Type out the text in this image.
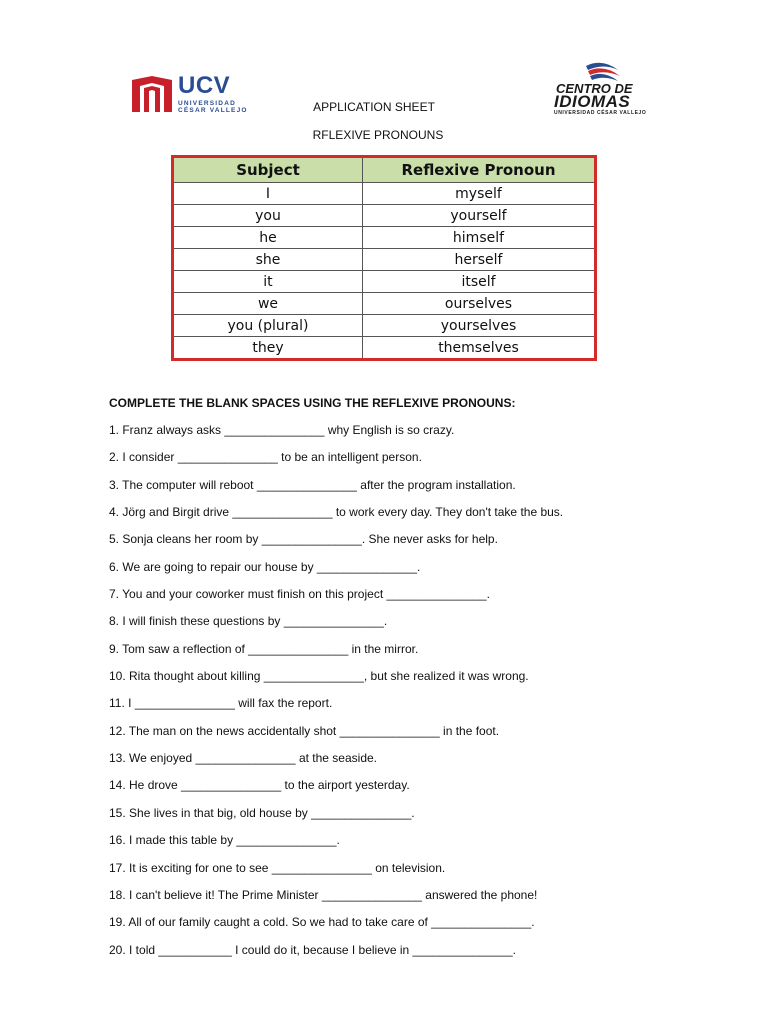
UCV
UNIVERSIDAD
CÉSAR VALLEJO
CENTRO DE
IDIOMAS
UNIVERSIDAD CÉSAR VALLEJO
APPLICATION SHEET
RFLEXIVE PRONOUNS
Subject	Reflexive Pronoun
I	myself
you	yourself
he	himself
she	herself
it	itself
we	ourselves
you (plural)	yourselves
they	themselves
COMPLETE THE BLANK SPACES USING THE REFLEXIVE PRONOUNS:
1. Franz always asks _______________ why English is so crazy.
2. I consider _______________ to be an intelligent person.
3. The computer will reboot _______________ after the program installation.
4. Jörg and Birgit drive _______________ to work every day. They don't take the bus.
5. Sonja cleans her room by _______________. She never asks for help.
6. We are going to repair our house by _______________.
7. You and your coworker must finish on this project _______________.
8. I will finish these questions by _______________.
9. Tom saw a reflection of _______________ in the mirror.
10. Rita thought about killing _______________, but she realized it was wrong.
11. I _______________ will fax the report.
12. The man on the news accidentally shot _______________ in the foot.
13. We enjoyed _______________ at the seaside.
14. He drove _______________ to the airport yesterday.
15. She lives in that big, old house by _______________.
16. I made this table by _______________.
17. It is exciting for one to see _______________ on television.
18. I can't believe it! The Prime Minister _______________ answered the phone!
19. All of our family caught a cold. So we had to take care of _______________.
20. I told ___________ I could do it, because I believe in _______________.
